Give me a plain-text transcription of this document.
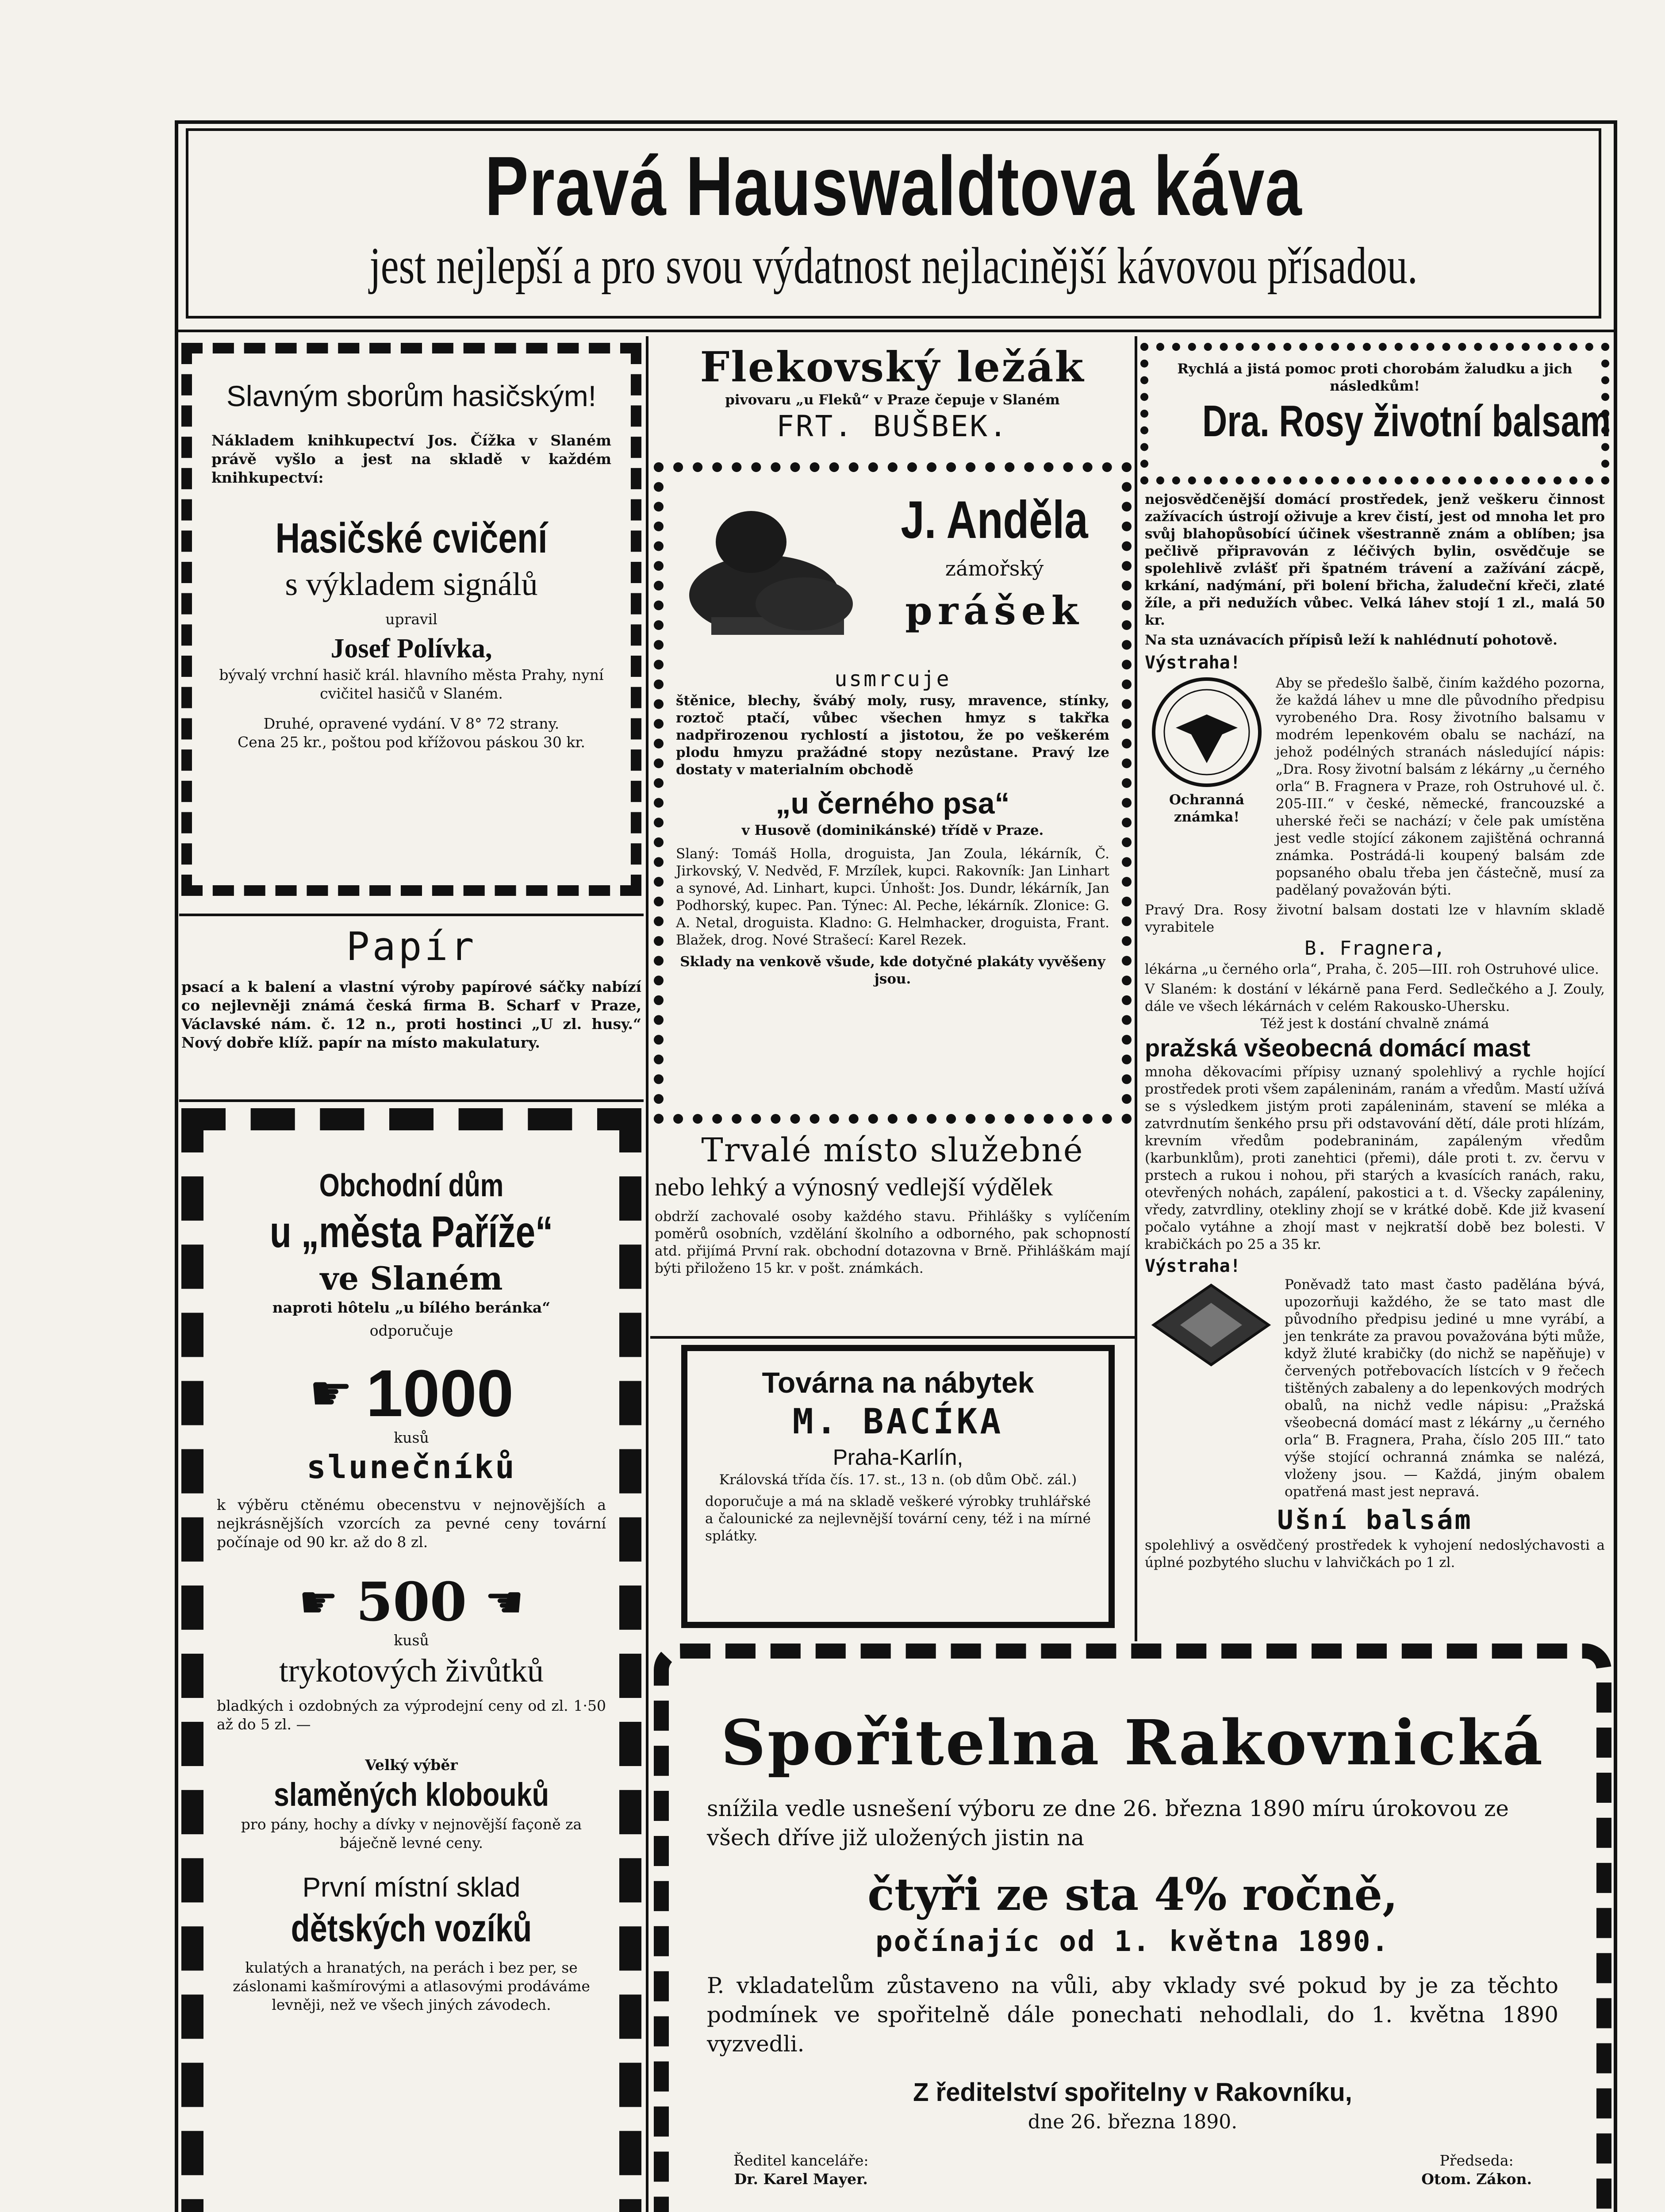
Pravá Hauswaldtova káva
jest nejlepší a pro svou výdatnost nejlacinější kávovou přísadou.
Slavným sborům hasičským!
Nákladem knihkupectví Jos. Čížka v Slaném právě vyšlo a jest na skladě v každém knihkupectví:
Hasičské cvičení
s výkladem signálů
upravil
Josef Polívka,
bývalý vrchní hasič král. hlavního města Prahy, nyní cvičitel hasičů v Slaném.
Druhé, opravené vydání. V 8° 72 strany.
Cena 25 kr., poštou pod křížovou páskou 30 kr.
Papír
psací a k balení a vlastní výroby papírové sáčky nabízí co nejlevněji známá česká firma B. Scharf v Praze, Václavské nám. č. 12 n., proti hostinci „U zl. husy.“ Nový dobře klíž. papír na místo makulatury.
Obchodní dům
u „města Paříže“
ve Slaném
naproti hôtelu „u bílého beránka“
odporučuje
☛ 1000
kusů
slunečníků
k výběru ctěnému obecenstvu v nejnovějších a nejkrásnějších vzorcích za pevné ceny tovární počínaje od 90 kr. až do 8 zl.
☛ 500 ☚
kusů
trykotových živůtků
bladkých i ozdobných za výprodejní ceny od zl. 1·50 až do 5 zl. —
Velký výběr
slaměných klobouků
pro pány, hochy a dívky v nejnovější façoně za báječně levné ceny.
První místní sklad
dětských vozíků
kulatých a hranatých, na perách i bez per, se záslonami kašmírovými a atlasovými prodáváme levněji, než ve všech jiných závodech.
Flekovský ležák
pivovaru „u Fleků“ v Praze čepuje v Slaném
FRT. BUŠBEK.
J. Anděla
zámořský
prášek
usmrcuje
štěnice, blechy, švábý moly, rusy, mravence, stínky, roztoč ptačí, vůbec všechen hmyz s takřka nadpřirozenou rychlostí a jistotou, že po veškerém plodu hmyzu pražádné stopy nezůstane. Pravý lze dostaty v materialním obchodě
„u černého psa“
v Husově (dominikánské) třídě v Praze.
Slaný: Tomáš Holla, droguista, Jan Zoula, lékárník, Č. Jirkovský, V. Nedvěd, F. Mrzílek, kupci. Rakovník: Jan Linhart a synové, Ad. Linhart, kupci. Únhošt: Jos. Dundr, lékárník, Jan Podhorský, kupec. Pan. Týnec: Al. Peche, lékárník. Zlonice: G. A. Netal, droguista. Kladno: G. Helmhacker, droguista, Frant. Blažek, drog. Nové Strašecí: Karel Rezek.
Sklady na venkově všude, kde dotyčné plakáty vyvěšeny jsou.
Trvalé místo služebné
nebo lehký a výnosný vedlejší výdělek
obdrží zachovalé osoby každého stavu. Přihlášky s vylíčením poměrů osobních, vzdělání školního a odborného, pak schopností atd. přijímá První rak. obchodní dotazovna v Brně. Přihláškám mají býti přiloženo 15 kr. v pošt. známkách.
Továrna na nábytek
M. BACÍKA
Praha-Karlín,
Královská třída čís. 17. st., 13 n. (ob dům Obč. zál.)
doporučuje a má na skladě veškeré výrobky truhlářské a čalounické za nejlevnější tovární ceny, též i na mírné splátky.
Rychlá a jistá pomoc proti chorobám žaludku a jich následkům!
Dra. Rosy životní balsam
nejosvědčenější domácí prostředek, jenž veškeru činnost zažívacích ústrojí oživuje a krev čistí, jest od mnoha let pro svůj blahopůsobící účinek všestranně znám a oblíben; jsa pečlivě připravován z léčivých bylin, osvědčuje se spolehlivě zvlášť při špatném trávení a zažívání zácpě, krkání, nadýmání, při bolení břicha, žaludeční křeči, zlaté žíle, a při nedužích vůbec. Velká láhev stojí 1 zl., malá 50 kr.
Na sta uznávacích přípisů leží k nahlédnutí pohotově.
Výstraha!
Ochranná známka!
Aby se předešlo šalbě, činím každého pozorna, že každá láhev u mne dle původního předpisu vyrobeného Dra. Rosy životního balsamu v modrém lepenkovém obalu se nachází, na jehož podélných stranách následující nápis: „Dra. Rosy životní balsám z lékárny „u černého orla“ B. Fragnera v Praze, roh Ostruhové ul. č. 205-III.“ v české, německé, francouzské a uherské řeči se nachází; v čele pak umístěna jest vedle stojící zákonem zajištěná ochranná známka. Postrádá-li koupený balsám zde popsaného obalu třeba jen částečně, musí za padělaný považován býti.
Pravý Dra. Rosy životní balsam dostati lze v hlavním skladě vyrabitele
B. Fragnera,
lékárna „u černého orla“, Praha, č. 205—III. roh Ostruhové ulice.
V Slaném: k dostání v lékárně pana Ferd. Sedlečkého a J. Zouly, dále ve všech lékárnách v celém Rakousko-Uhersku.
Též jest k dostání chvalně známá
pražská všeobecná domácí mast
mnoha děkovacími přípisy uznaný spolehlivý a rychle hojící prostředek proti všem zapáleninám, ranám a vředům. Mastí užívá se s výsledkem jistým proti zapáleninám, stavení se mléka a zatvrdnutím šenkého prsu při odstavování dětí, dále proti hlízám, krevním vředům podebraninám, zapáleným vředům (karbunklům), proti zanehtici (přemi), dále proti t. zv. červu v prstech a rukou i nohou, při starých a kvasících ranách, raku, otevřených nohách, zapálení, pakostici a t. d. Všecky zapáleniny, vředy, zatvrdliny, otekliny zhojí se v krátké době. Kde již kvasení počalo vytáhne a zhojí mast v nejkratší době bez bolesti. V krabičkách po 25 a 35 kr.
Výstraha!
Poněvadž tato mast často padělána bývá, upozorňuji každého, že se tato mast dle původního předpisu jediné u mne vyrábí, a jen tenkráte za pravou považována býti může, když žluté krabičky (do nichž se napěňuje) v červených potřebovacích lístcích v 9 řečech tištěných zabaleny a do lepenkových modrých obalů, na nichž vedle nápisu: „Pražská všeobecná domácí mast z lékárny „u černého orla“ B. Fragnera, Praha, číslo 205 III.“ tato výše stojící ochranná známka se nalézá, vloženy jsou. — Každá, jiným obalem opatřená mast jest nepravá.
Ušní balsám
spolehlivý a osvědčený prostředek k vyhojení nedoslýchavosti a úplné pozbytého sluchu v lahvičkách po 1 zl.
Spořitelna Rakovnická
snížila vedle usnešení výboru ze dne 26. března 1890 míru úrokovou ze všech dříve již uložených jistin na
čtyři ze sta 4% ročně,
počínajíc od 1. května 1890.
P. vkladatelům zůstaveno na vůli, aby vklady své pokud by je za těchto podmínek ve spořitelně dále ponechati nehodlali, do 1. května 1890 vyzvedli.
Z ředitelství spořitelny v Rakovníku,
dne 26. března 1890.
Ředitel kanceláře:
Dr. Karel Mayer.
Předseda:
Otom. Zákon.
